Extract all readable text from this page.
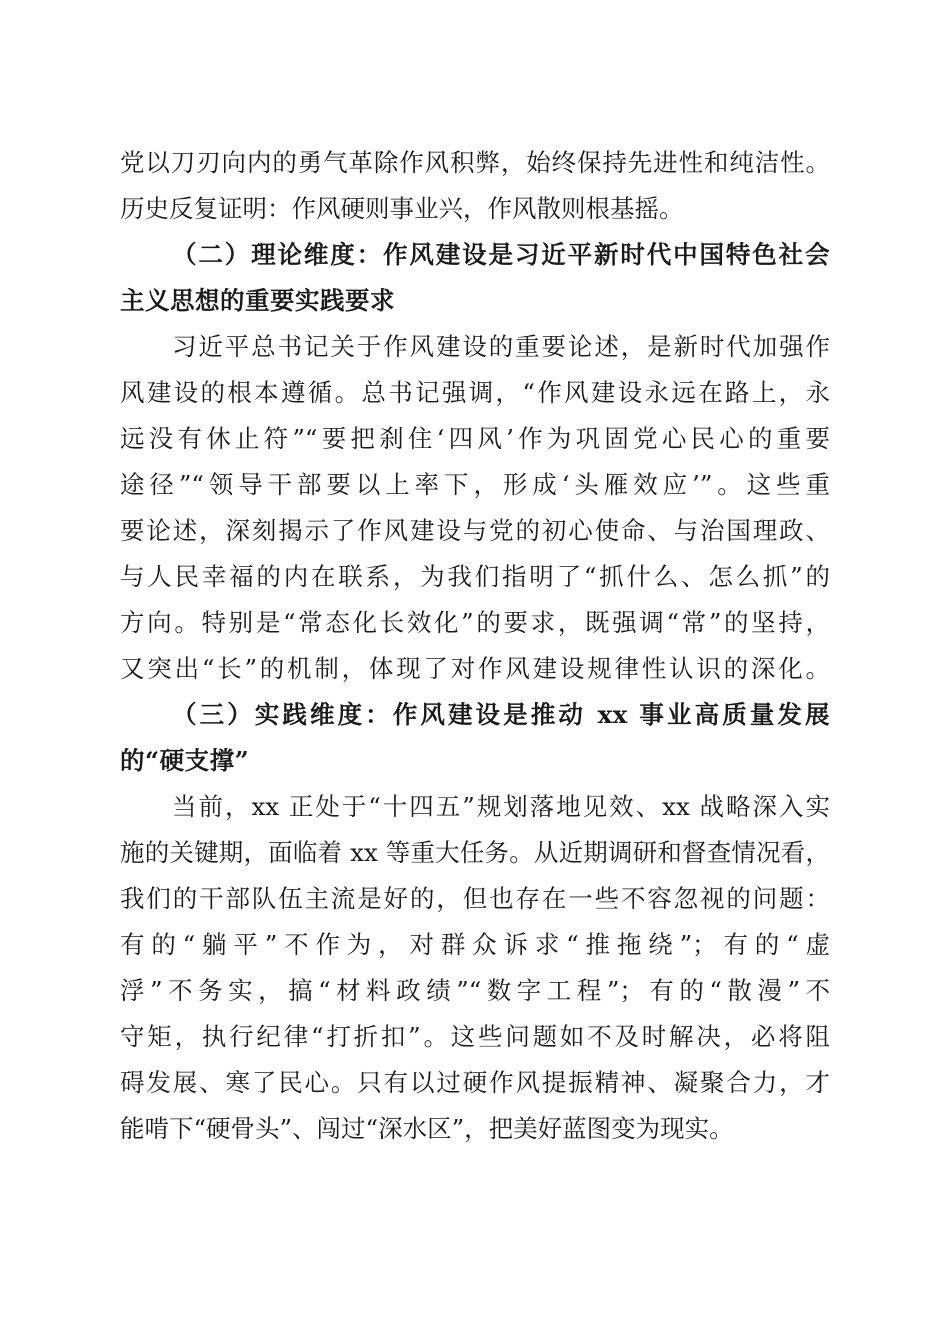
党以刀刃向内的勇气革除作风积弊，始终保持先进性和纯洁性。
历史反复证明：作风硬则事业兴，作风散则根基摇。
（二）理论维度：作风建设是习近平新时代中国特色社会
主义思想的重要实践要求
习近平总书记关于作风建设的重要论述，是新时代加强作
风建设的根本遵循。总书记强调，“作风建设永远在路上，永
远没有休止符”“要把刹住‘四风’作为巩固党心民心的重要
途径”“领导干部要以上率下，形成‘头雁效应’”。这些重
要论述，深刻揭示了作风建设与党的初心使命、与治国理政、
与人民幸福的内在联系，为我们指明了“抓什么、怎么抓”的
方向。特别是“常态化长效化”的要求，既强调“常”的坚持，
又突出“长”的机制，体现了对作风建设规律性认识的深化。
（三）实践维度：作风建设是推动 xx 事业高质量发展
的“硬支撑”
当前，xx 正处于“十四五”规划落地见效、xx 战略深入实
施的关键期，面临着 xx 等重大任务。从近期调研和督查情况看，
我们的干部队伍主流是好的，但也存在一些不容忽视的问题：
有的“躺平”不作为，对群众诉求“推拖绕”；有的“虚
浮”不务实，搞“材料政绩”“数字工程”；有的“散漫”不
守矩，执行纪律“打折扣”。这些问题如不及时解决，必将阻
碍发展、寒了民心。只有以过硬作风提振精神、凝聚合力，才
能啃下“硬骨头”、闯过“深水区”，把美好蓝图变为现实。
